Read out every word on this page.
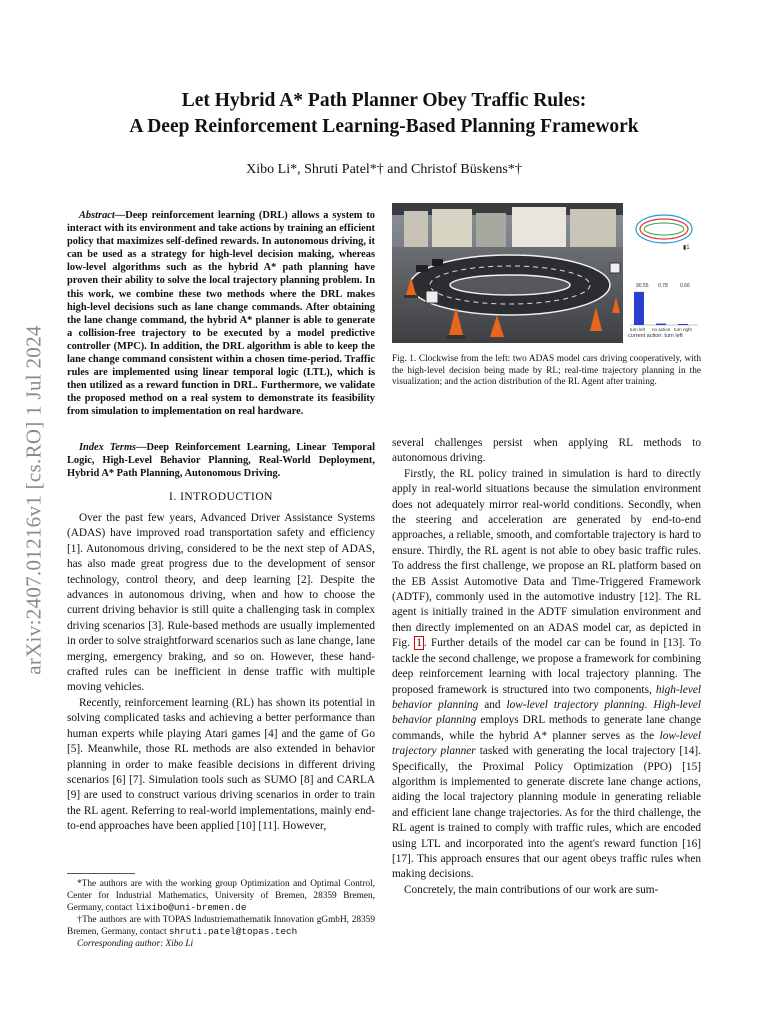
arXiv:2407.01216v1 [cs.RO] 1 Jul 2024
Let Hybrid A* Path Planner Obey Traffic Rules:
A Deep Reinforcement Learning-Based Planning Framework
Xibo Li*, Shruti Patel*† and Christof Büskens*†

Abstract—Deep reinforcement learning (DRL) allows a system to interact with its environment and take actions by training an efficient policy that maximizes self-defined rewards. In autonomous driving, it can be used as a strategy for high-level decision making, whereas low-level algorithms such as the hybrid A* path planning have proven their ability to solve the local trajectory planning problem. In this work, we combine these two methods where the DRL makes high-level decisions such as lane change commands. After obtaining the lane change command, the hybrid A* planner is able to generate a collision-free trajectory to be executed by a model predictive controller (MPC). In addition, the DRL algorithm is able to keep the lane change command consistent within a chosen time-period. Traffic rules are implemented using linear temporal logic (LTL), which is then utilized as a reward function in DRL. Furthermore, we validate the proposed method on a real system to demonstrate its feasibility from simulation to implementation on real hardware.

Index Terms—Deep Reinforcement Learning, Linear Temporal Logic, High-Level Behavior Planning, Real-World Deployment, Hybrid A* Path Planning, Autonomous Driving.
I. INTRODUCTION

Over the past few years, Advanced Driver Assistance Systems (ADAS) have improved road transportation safety and efficiency [1]. Autonomous driving, considered to be the next step of ADAS, has also made great progress due to the development of sensor technology, control theory, and deep learning [2]. Despite the advances in autonomous driving, when and how to choose the current driving behavior is still quite a challenging task in complex driving scenarios [3]. Rule-based methods are usually implemented in order to solve straightforward scenarios such as lane change, lane merging, emergency braking, and so on. However, these hand-crafted rules can be inefficient in dense traffic with multiple moving vehicles.

Recently, reinforcement learning (RL) has shown its potential in solving complicated tasks and achieving a better performance than human experts while playing Atari games [4] and the game of Go [5]. Meanwhile, those RL methods are also extended in behavior planning in order to make feasible decisions in different driving scenarios [6] [7]. Simulation tools such as SUMO [8] and CARLA [9] are used to construct various driving scenarios in order to train the RL agent. Referring to real-world implementations, mainly end-to-end approaches have been applied [10] [11]. However,

*The authors are with the working group Optimization and Optimal Control, Center for Industrial Mathematics, University of Bremen, 28359 Bremen, Germany, contact lixibo@uni-bremen.de
†The authors are with TOPAS Industriemathematik Innovation gGmbH, 28359 Bremen, Germany, contact shruti.patel@topas.tech
Corresponding author: Xibo Li
▮1
90.55 0.78 0.66
turn left no action turn right
current action: turn left
Fig. 1. Clockwise from the left: two ADAS model cars driving cooperatively, with the high-level decision being made by RL; real-time trajectory planning in the visualization; and the action distribution of the RL Agent after training.

several challenges persist when applying RL methods to autonomous driving.

Firstly, the RL policy trained in simulation is hard to directly apply in real-world situations because the simulation environment does not adequately mirror real-world conditions. Secondly, when the steering and acceleration are generated by end-to-end approaches, a reliable, smooth, and comfortable trajectory is hard to ensure. Thirdly, the RL agent is not able to obey basic traffic rules. To address the first challenge, we propose an RL platform based on the EB Assist Automotive Data and Time-Triggered Framework (ADTF), commonly used in the automotive industry [12]. The RL agent is initially trained in the ADTF simulation environment and then directly implemented on an ADAS model car, as depicted in Fig. 1 . Further details of the model car can be found in [13]. To tackle the second challenge, we propose a framework for combining deep reinforcement learning with local trajectory planning. The proposed framework is structured into two components, high-level behavior planning and low-level trajectory planning. High-level behavior planning employs DRL methods to generate lane change commands, while the hybrid A* planner serves as the low-level trajectory planner tasked with generating the local trajectory [14]. Specifically, the Proximal Policy Optimization (PPO) [15] algorithm is implemented to generate discrete lane change actions, aiding the local trajectory planning module in generating reliable and efficient lane change trajectories. As for the third challenge, the RL agent is trained to comply with traffic rules, which are encoded using LTL and incorporated into the agent's reward function [16] [17]. This approach ensures that our agent obeys traffic rules when making decisions.

Concretely, the main contributions of our work are sum-
